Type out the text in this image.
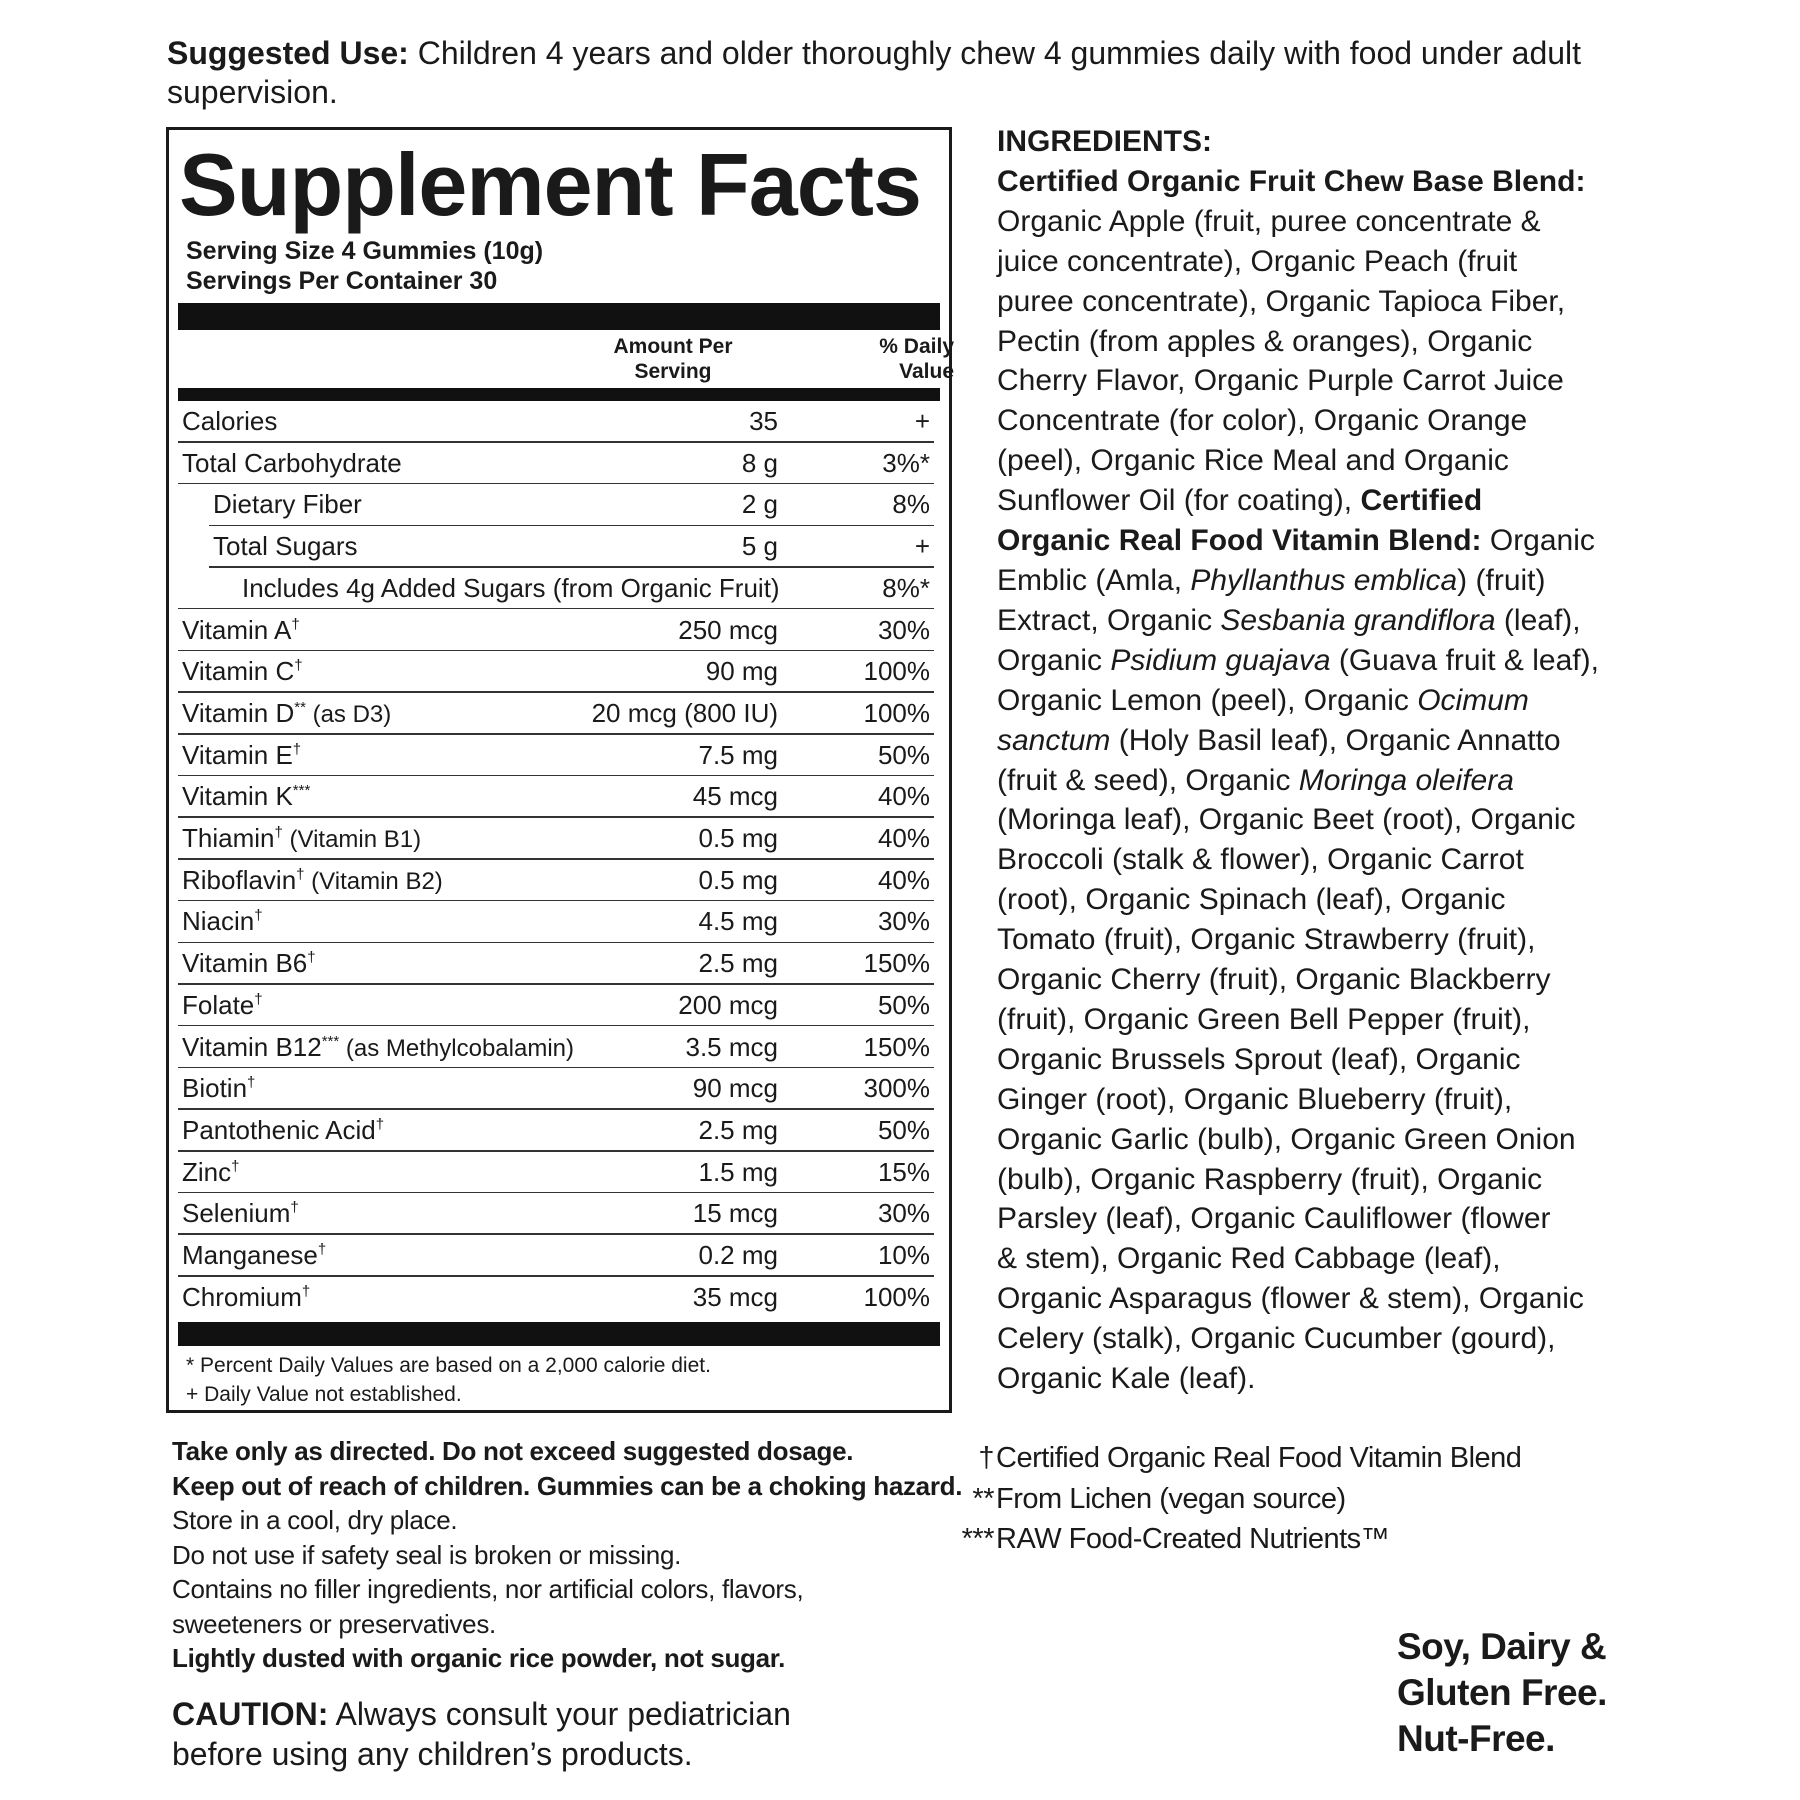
Suggested Use: Children 4 years and older thoroughly chew 4 gummies daily with food under adult supervision.
Supplement Facts
Serving Size 4 Gummies (10g)
Servings Per Container 30
Amount Per Serving
% Daily Value
Calories	35	+
Total Carbohydrate	8 g	3%*
Dietary Fiber	2 g	8%
Total Sugars	5 g	+
Includes 4g Added Sugars (from Organic Fruit)	8%*
Vitamin A†	250 mcg	30%
Vitamin C†	90 mg	100%
Vitamin D** (as D3)	20 mcg (800 IU)	100%
Vitamin E†	7.5 mg	50%
Vitamin K***	45 mcg	40%
Thiamin† (Vitamin B1)	0.5 mg	40%
Riboflavin† (Vitamin B2)	0.5 mg	40%
Niacin†	4.5 mg	30%
Vitamin B6†	2.5 mg	150%
Folate†	200 mcg	50%
Vitamin B12*** (as Methylcobalamin)	3.5 mcg	150%
Biotin†	90 mcg	300%
Pantothenic Acid†	2.5 mg	50%
Zinc†	1.5 mg	15%
Selenium†	15 mcg	30%
Manganese†	0.2 mg	10%
Chromium†	35 mcg	100%
* Percent Daily Values are based on a 2,000 calorie diet.
+ Daily Value not established.
INGREDIENTS:
Certified Organic Fruit Chew Base Blend:
Organic Apple (fruit, puree concentrate &
juice concentrate), Organic Peach (fruit
puree concentrate), Organic Tapioca Fiber,
Pectin (from apples & oranges), Organic
Cherry Flavor, Organic Purple Carrot Juice
Concentrate (for color), Organic Orange
(peel), Organic Rice Meal and Organic
Sunflower Oil (for coating), Certified
Organic Real Food Vitamin Blend: Organic
Emblic (Amla, Phyllanthus emblica) (fruit)
Extract, Organic Sesbania grandiflora (leaf),
Organic Psidium guajava (Guava fruit & leaf),
Organic Lemon (peel), Organic Ocimum
sanctum (Holy Basil leaf), Organic Annatto
(fruit & seed), Organic Moringa oleifera
(Moringa leaf), Organic Beet (root), Organic
Broccoli (stalk & flower), Organic Carrot
(root), Organic Spinach (leaf), Organic
Tomato (fruit), Organic Strawberry (fruit),
Organic Cherry (fruit), Organic Blackberry
(fruit), Organic Green Bell Pepper (fruit),
Organic Brussels Sprout (leaf), Organic
Ginger (root), Organic Blueberry (fruit),
Organic Garlic (bulb), Organic Green Onion
(bulb), Organic Raspberry (fruit), Organic
Parsley (leaf), Organic Cauliflower (flower
& stem), Organic Red Cabbage (leaf),
Organic Asparagus (flower & stem), Organic
Celery (stalk), Organic Cucumber (gourd),
Organic Kale (leaf).
Take only as directed. Do not exceed suggested dosage.
Keep out of reach of children. Gummies can be a choking hazard.
Store in a cool, dry place.
Do not use if safety seal is broken or missing.
Contains no filler ingredients, nor artificial colors, flavors,
sweeteners or preservatives.
Lightly dusted with organic rice powder, not sugar.
CAUTION: Always consult your pediatrician
before using any children’s products.
†Certified Organic Real Food Vitamin Blend
**From Lichen (vegan source)
***RAW Food-Created Nutrients™
Soy, Dairy &
Gluten Free.
Nut-Free.
